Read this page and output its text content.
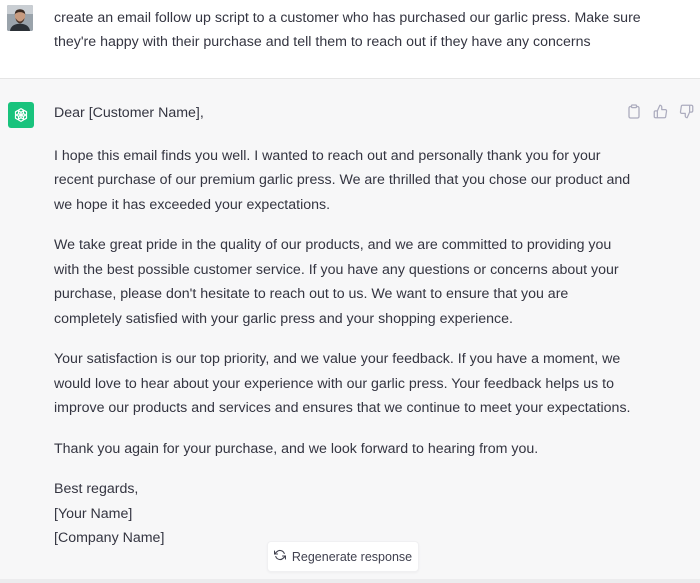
create an email follow up script to a customer who has purchased our garlic press. Make sure they're happy with their purchase and tell them to reach out if they have any concerns

Dear [Customer Name],

I hope this email finds you well. I wanted to reach out and personally thank you for your recent purchase of our premium garlic press. We are thrilled that you chose our product and we hope it has exceeded your expectations.

We take great pride in the quality of our products, and we are committed to providing you with the best possible customer service. If you have any questions or concerns about your purchase, please don't hesitate to reach out to us. We want to ensure that you are completely satisfied with your garlic press and your shopping experience.

Your satisfaction is our top priority, and we value your feedback. If you have a moment, we would love to hear about your experience with our garlic press. Your feedback helps us to improve our products and services and ensures that we continue to meet your expectations.

Thank you again for your purchase, and we look forward to hearing from you.

Best regards,
[Your Name]
[Company Name]

Regenerate response
